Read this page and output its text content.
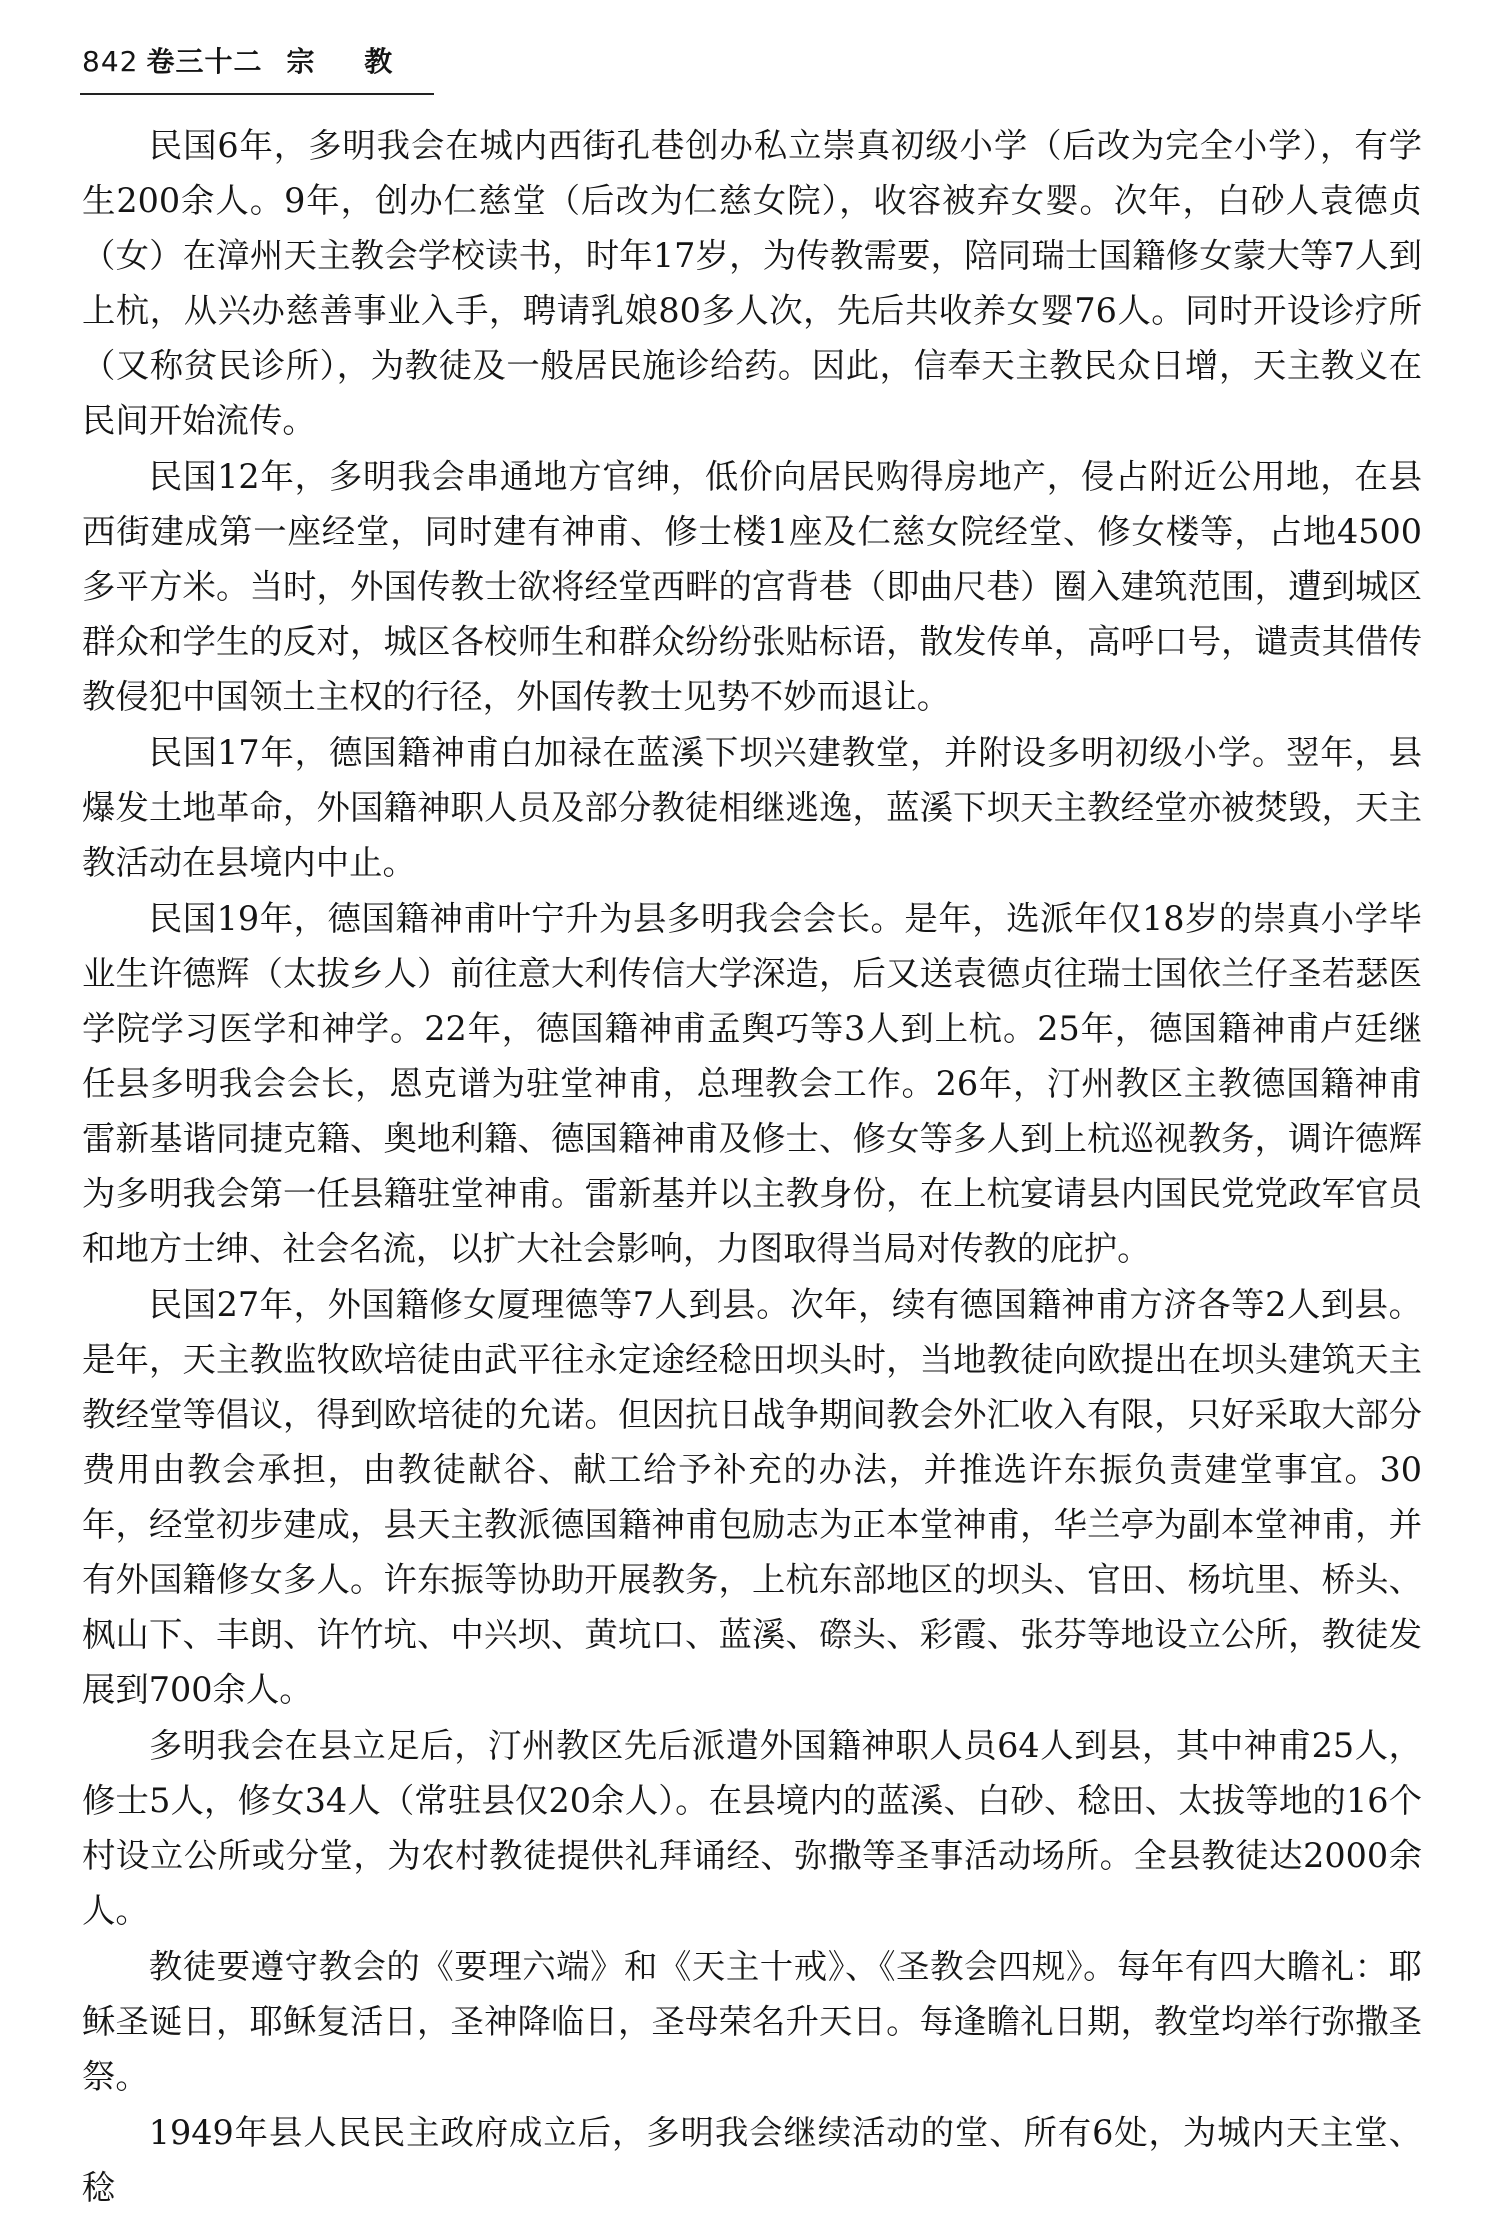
842 卷三十二 宗 教

民国6年，多明我会在城内西街孔巷创办私立崇真初级小学（后改为完全小学），有学生200余人。9年，创办仁慈堂（后改为仁慈女院），收容被弃女婴。次年，白砂人袁德贞（女）在漳州天主教会学校读书，时年17岁，为传教需要，陪同瑞士国籍修女蒙大等7人到上杭，从兴办慈善事业入手，聘请乳娘80多人次，先后共收养女婴76人。同时开设诊疗所（又称贫民诊所），为教徒及一般居民施诊给药。因此，信奉天主教民众日增，天主教义在民间开始流传。

民国12年，多明我会串通地方官绅，低价向居民购得房地产，侵占附近公用地，在县西街建成第一座经堂，同时建有神甫、修士楼1座及仁慈女院经堂、修女楼等，占地4500多平方米。当时，外国传教士欲将经堂西畔的宫背巷（即曲尺巷）圈入建筑范围，遭到城区群众和学生的反对，城区各校师生和群众纷纷张贴标语，散发传单，高呼口号，谴责其借传教侵犯中国领土主权的行径，外国传教士见势不妙而退让。

民国17年，德国籍神甫白加禄在蓝溪下坝兴建教堂，并附设多明初级小学。翌年，县爆发土地革命，外国籍神职人员及部分教徒相继逃逸，蓝溪下坝天主教经堂亦被焚毁，天主教活动在县境内中止。

民国19年，德国籍神甫叶宁升为县多明我会会长。是年，选派年仅18岁的崇真小学毕业生许德辉（太拔乡人）前往意大利传信大学深造，后又送袁德贞往瑞士国依兰仔圣若瑟医学院学习医学和神学。22年，德国籍神甫孟舆巧等3人到上杭。25年，德国籍神甫卢廷继任县多明我会会长，恩克谱为驻堂神甫，总理教会工作。26年，汀州教区主教德国籍神甫雷新基谐同捷克籍、奥地利籍、德国籍神甫及修士、修女等多人到上杭巡视教务，调许德辉为多明我会第一任县籍驻堂神甫。雷新基并以主教身份，在上杭宴请县内国民党党政军官员和地方士绅、社会名流，以扩大社会影响，力图取得当局对传教的庇护。

民国27年，外国籍修女厦理德等7人到县。次年，续有德国籍神甫方济各等2人到县。是年，天主教监牧欧培徒由武平往永定途经稔田坝头时，当地教徒向欧提出在坝头建筑天主教经堂等倡议，得到欧培徒的允诺。但因抗日战争期间教会外汇收入有限，只好采取大部分费用由教会承担，由教徒献谷、献工给予补充的办法，并推选许东振负责建堂事宜。30年，经堂初步建成，县天主教派德国籍神甫包励志为正本堂神甫，华兰亭为副本堂神甫，并有外国籍修女多人。许东振等协助开展教务，上杭东部地区的坝头、官田、杨坑里、桥头、枫山下、丰朗、许竹坑、中兴坝、黄坑口、蓝溪、磜头、彩霞、张芬等地设立公所，教徒发展到700余人。

多明我会在县立足后，汀州教区先后派遣外国籍神职人员64人到县，其中神甫25人，修士5人，修女34人（常驻县仅20余人）。在县境内的蓝溪、白砂、稔田、太拔等地的16个村设立公所或分堂，为农村教徒提供礼拜诵经、弥撒等圣事活动场所。全县教徒达2000余人。

教徒要遵守教会的《要理六端》和《天主十戒》、《圣教会四规》。每年有四大瞻礼：耶稣圣诞日，耶稣复活日，圣神降临日，圣母荣名升天日。每逢瞻礼日期，教堂均举行弥撒圣祭。

1949年县人民民主政府成立后，多明我会继续活动的堂、所有6处，为城内天主堂、稔
